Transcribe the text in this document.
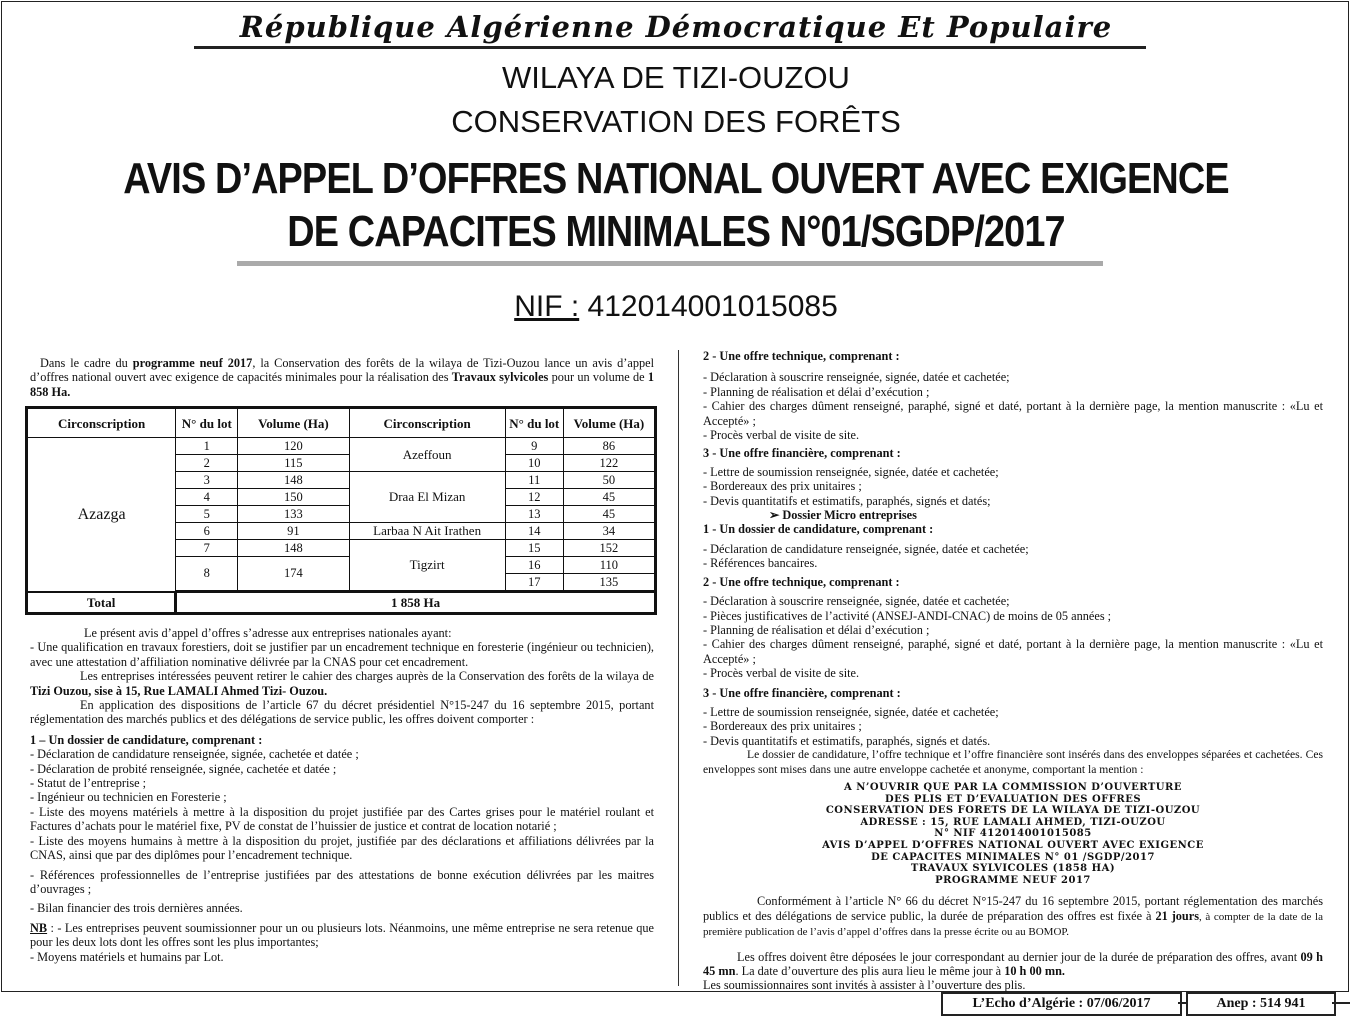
République Algérienne Démocratique Et Populaire
WILAYA DE TIZI-OUZOU
CONSERVATION DES FORÊTS
AVIS D’APPEL D’OFFRES NATIONAL OUVERT AVEC EXIGENCE
DE CAPACITES MINIMALES N°01/SGDP/2017
NIF : 412014001015085

Dans le cadre du programme neuf 2017, la Conservation des forêts de la wilaya de Tizi-Ouzou lance un avis d’appel d’offres national ouvert avec exigence de capacités minimales pour la réalisation des Travaux sylvicoles pour un volume de 1 858 Ha.

Circonscription	N° du lot	Volume (Ha)	Circonscription	N° du lot	Volume (Ha)
Azazga	1	120	Azeffoun	9	86
	2	115		10	122
	3	148	Draa El Mizan	11	50
	4	150		12	45
	5	133		13	45
	6	91	Larbaa N Ait Irathen	14	34
	7	148	Tigzirt	15	152
	8	174		16	110
				17	135

Total	1 858 Ha				

Le présent avis d’appel d’offres s’adresse aux entreprises nationales ayant:

- Une qualification en travaux forestiers, doit se justifier par un encadrement technique en foresterie (ingénieur ou technicien), avec une attestation d’affiliation nominative délivrée par la CNAS pour cet encadrement.

Les entreprises intéressées peuvent retirer le cahier des charges auprès de la Conservation des forêts de la wilaya de Tizi Ouzou, sise à 15, Rue LAMALI Ahmed Tizi- Ouzou.

En application des dispositions de l’article 67 du décret présidentiel N°15-247 du 16 septembre 2015, portant réglementation des marchés publics et des délégations de service public, les offres doivent comporter :

1 – Un dossier de candidature, comprenant :

- Déclaration de candidature renseignée, signée, cachetée et datée ;

- Déclaration de probité renseignée, signée, cachetée et datée ;

- Statut de l’entreprise ;

- Ingénieur ou technicien en Foresterie ;

- Liste des moyens matériels à mettre à la disposition du projet justifiée par des Cartes grises pour le matériel roulant et Factures d’achats pour le matériel fixe, PV de constat de l’huissier de justice et contrat de location notarié ;

- Liste des moyens humains à mettre à la disposition du projet, justifiée par des déclarations et affiliations délivrées par la CNAS, ainsi que par des diplômes pour l’encadrement technique.

- Références professionnelles de l’entreprise justifiées par des attestations de bonne exécution délivrées par les maitres d’ouvrages ;

- Bilan financier des trois dernières années.

NB : - Les entreprises peuvent soumissionner pour un ou plusieurs lots. Néanmoins, une même entreprise ne sera retenue que pour les deux lots dont les offres sont les plus importantes;

- Moyens matériels et humains par Lot.

2 - Une offre technique, comprenant :

- Déclaration à souscrire renseignée, signée, datée et cachetée;

- Planning de réalisation et délai d’exécution ;

- Cahier des charges dûment renseigné, paraphé, signé et daté, portant à la dernière page, la mention manuscrite : «Lu et Accepté» ;

- Procès verbal de visite de site.

3 - Une offre financière, comprenant :

- Lettre de soumission renseignée, signée, datée et cachetée;

- Bordereaux des prix unitaires ;

- Devis quantitatifs et estimatifs, paraphés, signés et datés;

➢ Dossier Micro entreprises

1 - Un dossier de candidature, comprenant :

- Déclaration de candidature renseignée, signée, datée et cachetée;

- Références bancaires.

2 - Une offre technique, comprenant :

- Déclaration à souscrire renseignée, signée, datée et cachetée;

- Pièces justificatives de l’activité (ANSEJ-ANDI-CNAC) de moins de 05 années ;

- Planning de réalisation et délai d’exécution ;

- Cahier des charges dûment renseigné, paraphé, signé et daté, portant à la dernière page, la mention manuscrite : «Lu et Accepté» ;

- Procès verbal de visite de site.

3 - Une offre financière, comprenant :

- Lettre de soumission renseignée, signée, datée et cachetée;

- Bordereaux des prix unitaires ;

- Devis quantitatifs et estimatifs, paraphés, signés et datés.

Le dossier de candidature, l’offre technique et l’offre financière sont insérés dans des enveloppes séparées et cachetées. Ces enveloppes sont mises dans une autre enveloppe cachetée et anonyme, comportant la mention :

A N’OUVRIR QUE PAR LA COMMISSION D’OUVERTURE
DES PLIS ET D’EVALUATION DES OFFRES
CONSERVATION DES FORETS DE LA WILAYA DE TIZI-OUZOU
ADRESSE : 15, RUE LAMALI AHMED, TIZI-OUZOU
N° NIF 412014001015085
AVIS D’APPEL D’OFFRES NATIONAL OUVERT AVEC EXIGENCE
DE CAPACITES MINIMALES N° 01 /SGDP/2017
TRAVAUX SYLVICOLES (1858 HA)
PROGRAMME NEUF 2017

Conformément à l’article N° 66 du décret N°15-247 du 16 septembre 2015, portant réglementation des marchés publics et des délégations de service public, la durée de préparation des offres est fixée à 21 jours, à compter de la date de la première publication de l’avis d’appel d’offres dans la presse écrite ou au BOMOP.

Les offres doivent être déposées le jour correspondant au dernier jour de la durée de préparation des offres, avant 09 h 45 mn. La date d’ouverture des plis aura lieu le même jour à 10 h 00 mn.

Les soumissionnaires sont invités à assister à l’ouverture des plis.

L’Echo d’Algérie : 07/06/2017	Anep : 514 941
